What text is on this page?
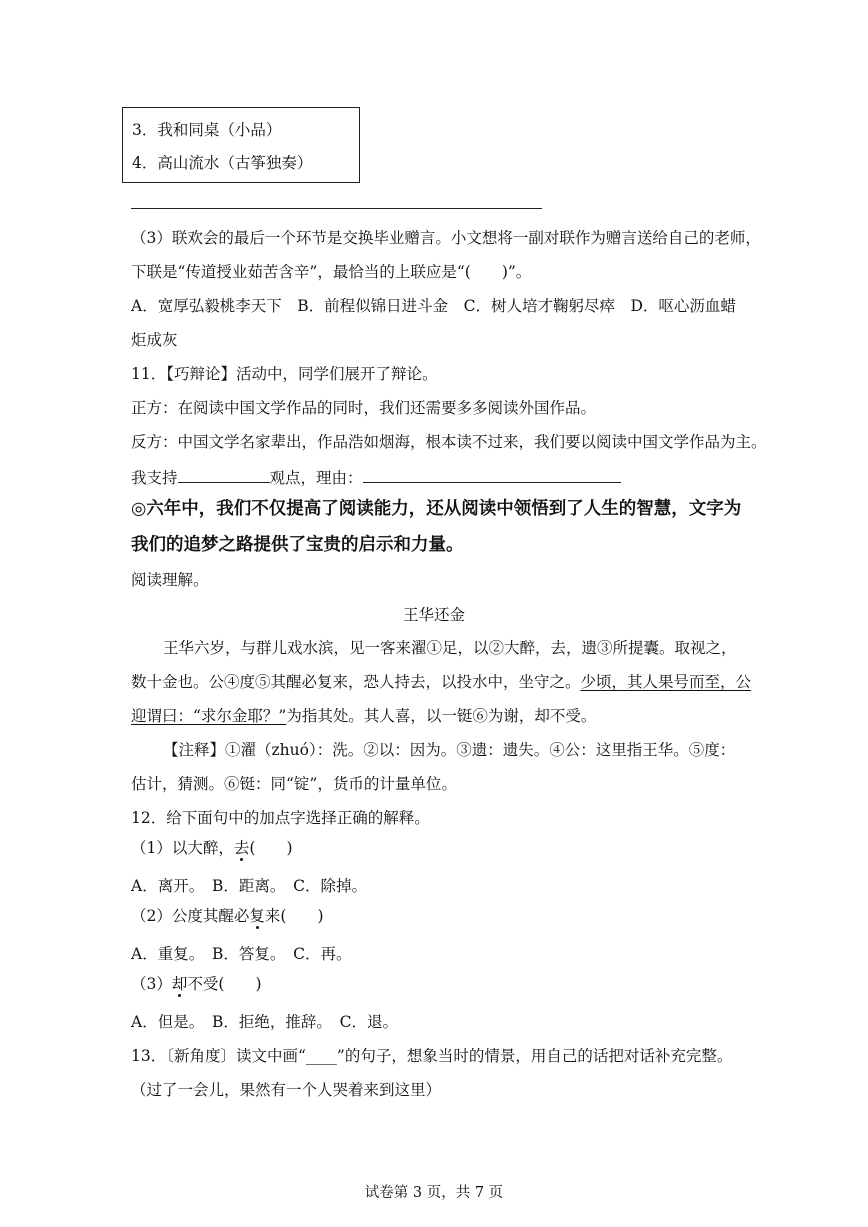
3．我和同桌（小品）
4．高山流水（古筝独奏）
（3）联欢会的最后一个环节是交换毕业赠言。小文想将一副对联作为赠言送给自己的老师，
下联是“传道授业茹苦含辛”，最恰当的上联应是“(　　)”。
A．宽厚弘毅桃李天下　B．前程似锦日进斗金　C．树人培才鞠躬尽瘁　D．呕心沥血蜡
炬成灰
11．【巧辩论】活动中，同学们展开了辩论。
正方：在阅读中国文学作品的同时，我们还需要多多阅读外国作品。
反方：中国文学名家辈出，作品浩如烟海，根本读不过来，我们要以阅读中国文学作品为主。
我支持	观点，理由：
◎六年中，我们不仅提高了阅读能力，还从阅读中领悟到了人生的智慧，文字为
我们的追梦之路提供了宝贵的启示和力量。
阅读理解。
王华还金
王华六岁，与群儿戏水滨，见一客来濯①足，以②大醉，去，遗③所提囊。取视之，
数十金也。公④度⑤其醒必复来，恐人持去，以投水中，坐守之。少顷，其人果号而至，公
迎谓曰：“求尔金耶？”为指其处。其人喜，以一铤⑥为谢，却不受。
【注释】①濯（zhuó）：洗。②以：因为。③遗：遗失。④公：这里指王华。⑤度：
估计，猜测。⑥铤：同“锭”，货币的计量单位。
12．给下面句中的加点字选择正确的解释。
（1）以大醉，去(　　)
A．离开。　B．距离。　C．除掉。
（2）公度其醒必复来(　　)
A．重复。　B．答复。　C．再。
（3）却不受(　　)
A．但是。　B．拒绝，推辞。　C．退。
13．〔新角度〕读文中画“____”的句子，想象当时的情景，用自己的话把对话补充完整。
（过了一会儿，果然有一个人哭着来到这里）
试卷第 3 页，共 7 页
